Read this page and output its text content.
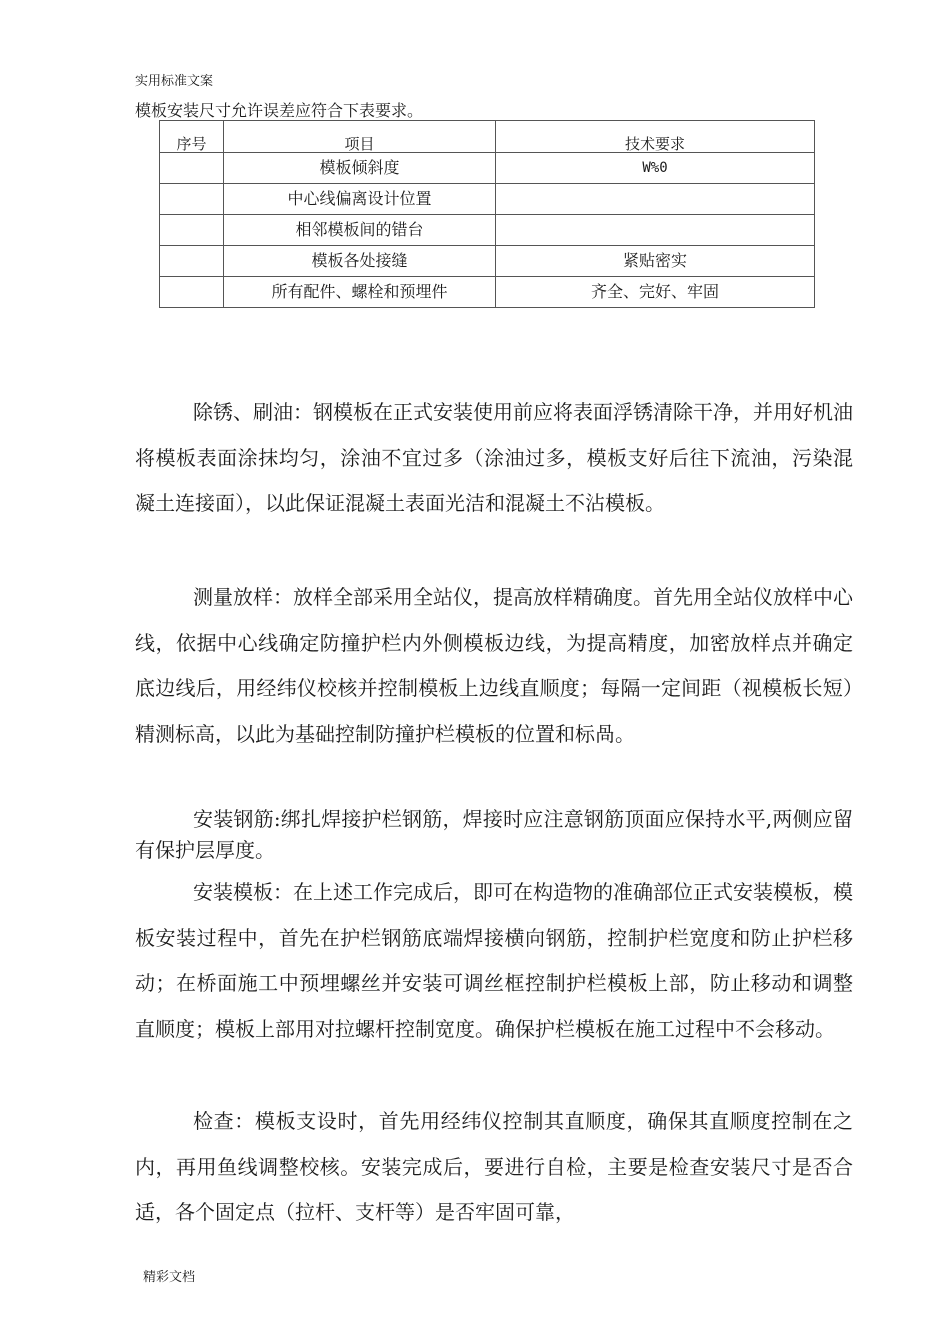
实用标准文案
模板安装尺寸允许误差应符合下表要求。
序号	项目	技术要求
	模板倾斜度	W%0
	中心线偏离设计位置	
	相邻模板间的错台	
	模板各处接缝	紧贴密实
	所有配件、螺栓和预埋件	齐全、完好、牢固

除锈、刷油：钢模板在正式安装使用前应将表面浮锈清除干净，并用好机油将模板表面涂抹均匀，涂油不宜过多（涂油过多，模板支好后往下流油，污染混凝土连接面），以此保证混凝土表面光洁和混凝土不沾模板。

测量放样：放样全部采用全站仪，提高放样精确度。首先用全站仪放样中心线，依据中心线确定防撞护栏内外侧模板边线，为提高精度，加密放样点并确定底边线后，用经纬仪校核并控制模板上边线直顺度；每隔一定间距（视模板长短）精测标高，以此为基础控制防撞护栏模板的位置和标咼。

安装钢筋:绑扎焊接护栏钢筋，焊接时应注意钢筋顶面应保持水平,两侧应留有保护层厚度。

安装模板：在上述工作完成后，即可在构造物的准确部位正式安装模板，模板安装过程中，首先在护栏钢筋底端焊接横向钢筋，控制护栏宽度和防止护栏移动；在桥面施工中预埋螺丝并安装可调丝框控制护栏模板上部，防止移动和调整直顺度；模板上部用对拉螺杆控制宽度。确保护栏模板在施工过程中不会移动。

检查：模板支设时，首先用经纬仪控制其直顺度，确保其直顺度控制在之内，再用鱼线调整校核。安装完成后，要进行自检，主要是检查安装尺寸是否合适，各个固定点（拉杆、支杆等）是否牢固可靠，

精彩文档
